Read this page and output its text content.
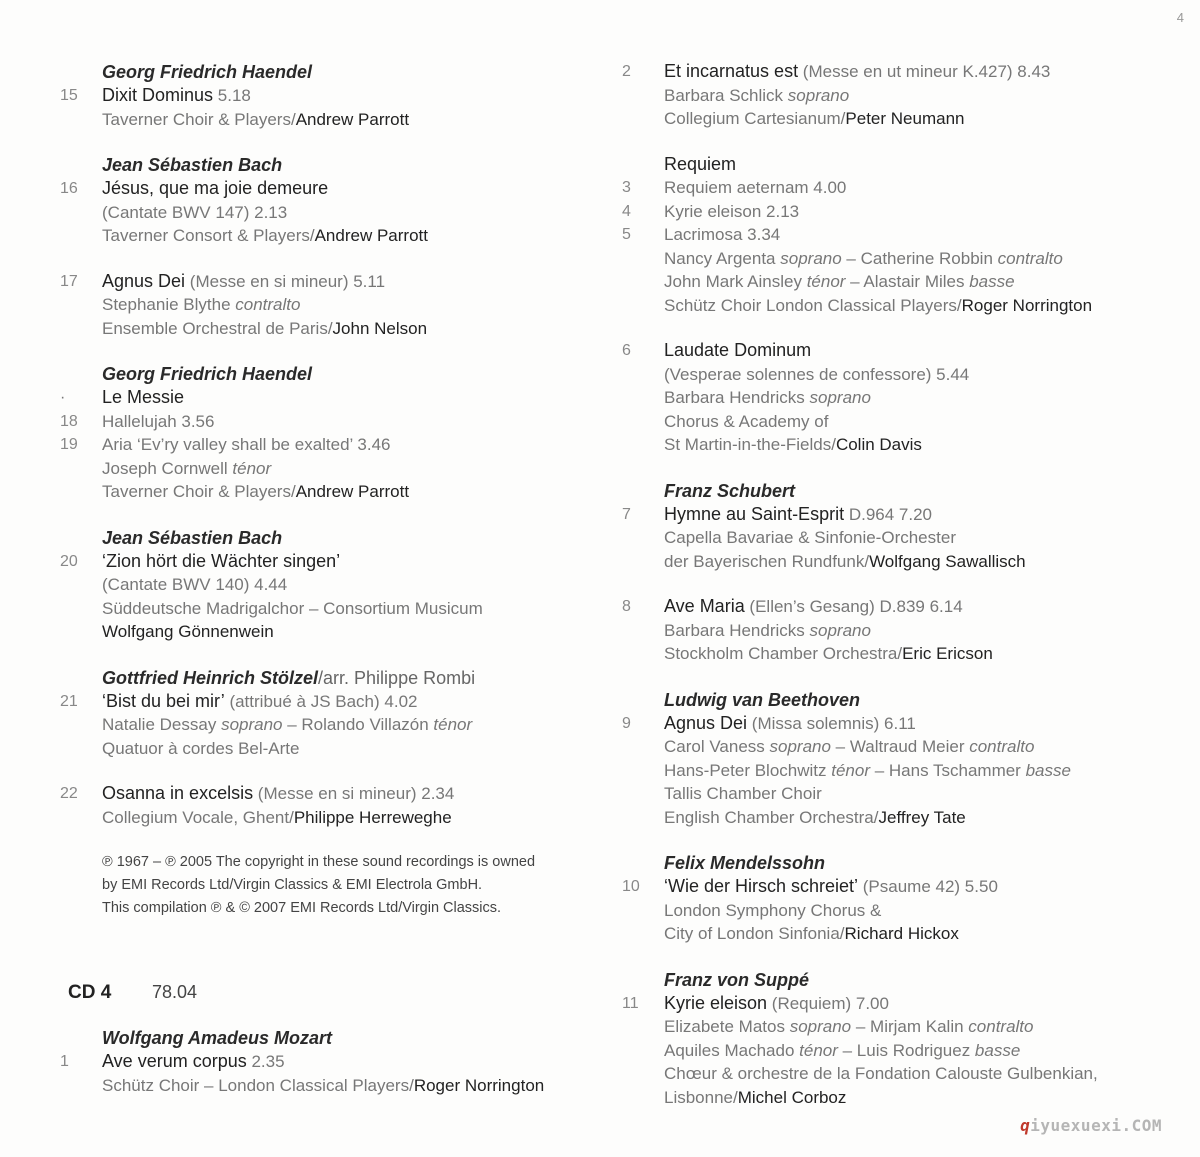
4
Georg Friedrich Haendel
15	Dixit Dominus 5.18
Taverner Choir & Players/Andrew Parrott
Jean Sébastien Bach
16	Jésus, que ma joie demeure
(Cantate BWV 147) 2.13
Taverner Consort & Players/Andrew Parrott
17	Agnus Dei (Messe en si mineur) 5.11
Stephanie Blythe contralto
Ensemble Orchestral de Paris/John Nelson
Georg Friedrich Haendel
·	Le Messie
18	Hallelujah 3.56
19	Aria ‘Ev’ry valley shall be exalted’ 3.46
Joseph Cornwell ténor
Taverner Choir & Players/Andrew Parrott
Jean Sébastien Bach
20	‘Zion hört die Wächter singen’
(Cantate BWV 140) 4.44
Süddeutsche Madrigalchor – Consortium Musicum
Wolfgang Gönnenwein
Gottfried Heinrich Stölzel/arr. Philippe Rombi
21	‘Bist du bei mir’ (attribué à JS Bach) 4.02
Natalie Dessay soprano – Rolando Villazón ténor
Quatuor à cordes Bel-Arte
22	Osanna in excelsis (Messe en si mineur) 2.34
Collegium Vocale, Ghent/Philippe Herreweghe
℗ 1967 – ℗ 2005 The copyright in these sound recordings is owned
by EMI Records Ltd/Virgin Classics & EMI Electrola GmbH.
This compilation ℗ & © 2007 EMI Records Ltd/Virgin Classics.
CD 4	78.04
Wolfgang Amadeus Mozart
1	Ave verum corpus 2.35
Schütz Choir – London Classical Players/Roger Norrington
2	Et incarnatus est (Messe en ut mineur K.427) 8.43
Barbara Schlick soprano
Collegium Cartesianum/Peter Neumann
Requiem
3	Requiem aeternam 4.00
4	Kyrie eleison 2.13
5	Lacrimosa 3.34
Nancy Argenta soprano – Catherine Robbin contralto
John Mark Ainsley ténor – Alastair Miles basse
Schütz Choir London Classical Players/Roger Norrington
6	Laudate Dominum
(Vesperae solennes de confessore) 5.44
Barbara Hendricks soprano
Chorus & Academy of
St Martin-in-the-Fields/Colin Davis
Franz Schubert
7	Hymne au Saint-Esprit D.964 7.20
Capella Bavariae & Sinfonie-Orchester
der Bayerischen Rundfunk/Wolfgang Sawallisch
8	Ave Maria (Ellen’s Gesang) D.839 6.14
Barbara Hendricks soprano
Stockholm Chamber Orchestra/Eric Ericson
Ludwig van Beethoven
9	Agnus Dei (Missa solemnis) 6.11
Carol Vaness soprano – Waltraud Meier contralto
Hans-Peter Blochwitz ténor – Hans Tschammer basse
Tallis Chamber Choir
English Chamber Orchestra/Jeffrey Tate
Felix Mendelssohn
10	‘Wie der Hirsch schreiet’ (Psaume 42) 5.50
London Symphony Chorus &
City of London Sinfonia/Richard Hickox
Franz von Suppé
11	Kyrie eleison (Requiem) 7.00
Elizabete Matos soprano – Mirjam Kalin contralto
Aquiles Machado ténor – Luis Rodriguez basse
Chœur & orchestre de la Fondation Calouste Gulbenkian,
Lisbonne/Michel Corboz
qiyuexuexi.COM
